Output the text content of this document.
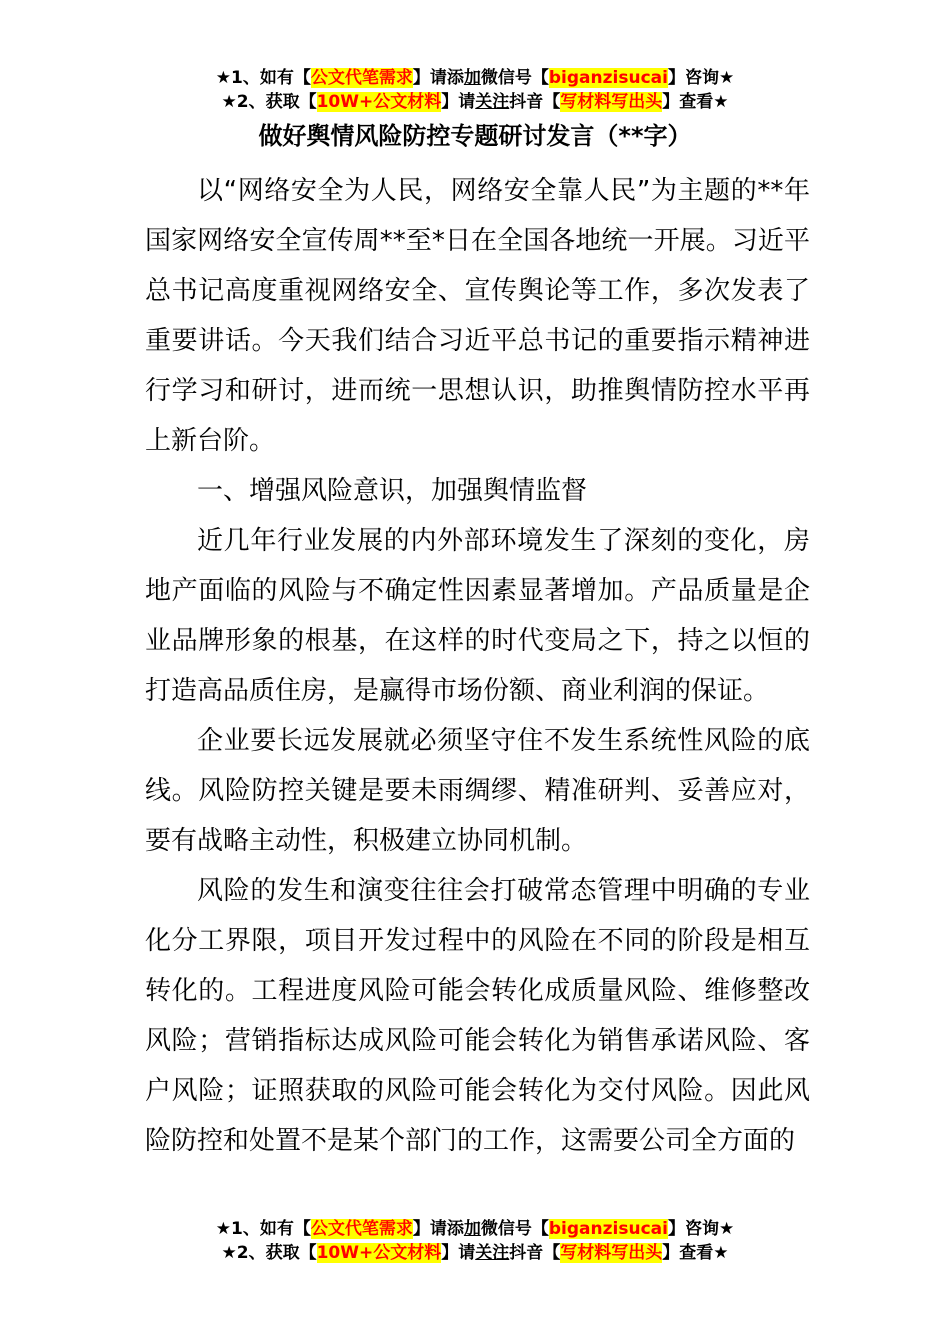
★1、如有【公文代笔需求】请添加微信号【biganzisucai】咨询★
★2、获取【10W+公文材料】请关注抖音【写材料写出头】查看★
做好舆情风险防控专题研讨发言（**字）

以“网络安全为人民，网络安全靠人民”为主题的**年国家网络安全宣传周**至*日在全国各地统一开展。习近平总书记高度重视网络安全、宣传舆论等工作，多次发表了重要讲话。今天我们结合习近平总书记的重要指示精神进行学习和研讨，进而统一思想认识，助推舆情防控水平再上新台阶。

一、增强风险意识，加强舆情监督

近几年行业发展的内外部环境发生了深刻的变化，房地产面临的风险与不确定性因素显著增加。产品质量是企业品牌形象的根基，在这样的时代变局之下，持之以恒的打造高品质住房，是赢得市场份额、商业利润的保证。

企业要长远发展就必须坚守住不发生系统性风险的底线。风险防控关键是要未雨绸缪、精准研判、妥善应对，要有战略主动性，积极建立协同机制。

风险的发生和演变往往会打破常态管理中明确的专业化分工界限，项目开发过程中的风险在不同的阶段是相互转化的。工程进度风险可能会转化成质量风险、维修整改风险；营销指标达成风险可能会转化为销售承诺风险、客户风险；证照获取的风险可能会转化为交付风险。因此风险防控和处置不是某个部门的工作，这需要公司全方面的

★1、如有【公文代笔需求】请添加微信号【biganzisucai】咨询★
★2、获取【10W+公文材料】请关注抖音【写材料写出头】查看★
